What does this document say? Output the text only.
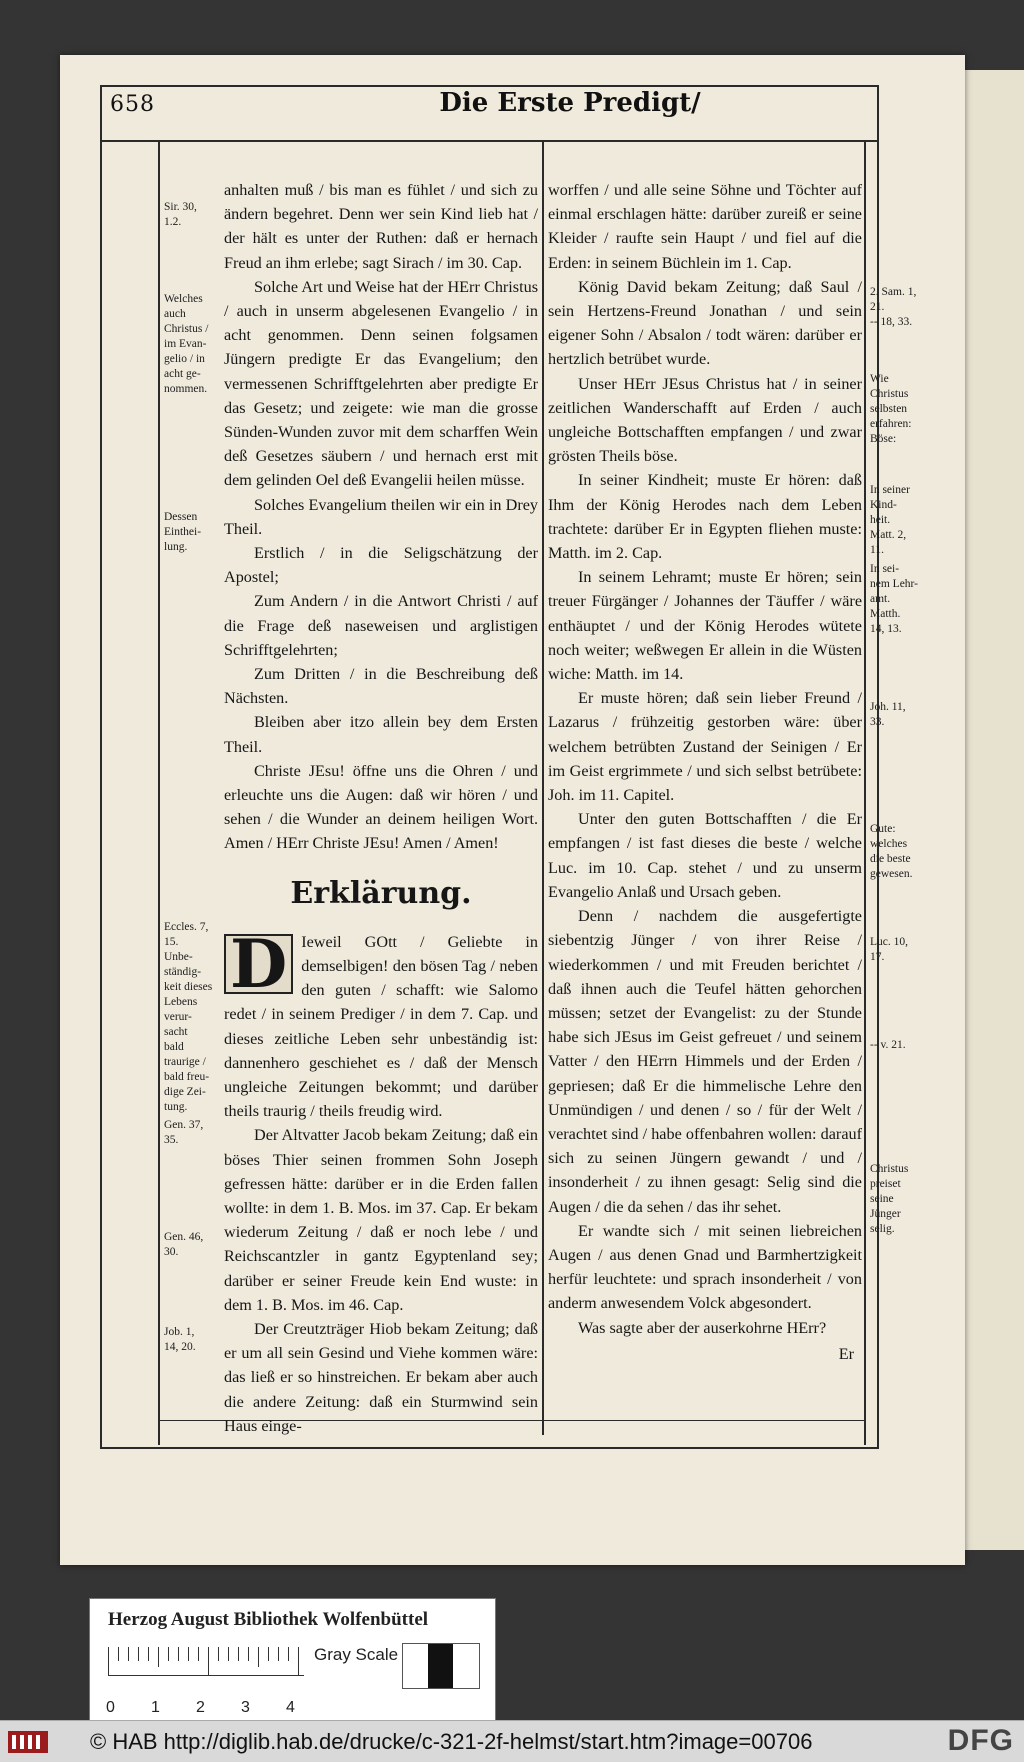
658	Die Erste Predigt/

anhalten muß / bis man es fühlet / und sich zu ändern begehret. Denn wer sein Kind lieb hat / der hält es unter der Ruthen: daß er hernach Freud an ihm erlebe; sagt Sirach / im 30. Cap.

Solche Art und Weise hat der HErr Christus / auch in unserm abgelesenen Evangelio / in acht genommen. Denn seinen folgsamen Jüngern predigte Er das Evangelium; den vermessenen Schrifftgelehrten aber predigte Er das Gesetz; und zeigete: wie man die grosse Sünden-Wunden zuvor mit dem scharffen Wein deß Gesetzes säubern / und hernach erst mit dem gelinden Oel deß Evangelii heilen müsse.

Solches Evangelium theilen wir ein in Drey Theil.

Erstlich / in die Seligschätzung der Apostel;

Zum Andern / in die Antwort Christi / auf die Frage deß naseweisen und arglistigen Schrifftgelehrten;

Zum Dritten / in die Beschreibung deß Nächsten.

Bleiben aber itzo allein bey dem Ersten Theil.

Christe JEsu! öffne uns die Ohren / und erleuchte uns die Augen: daß wir hören / und sehen / die Wunder an deinem heiligen Wort. Amen / HErr Christe JEsu! Amen / Amen!

Erklärung.

D Ieweil GOtt / Geliebte in demselbigen! den bösen Tag / neben den guten / schafft: wie Salomo redet / in seinem Prediger / in dem 7. Cap. und dieses zeitliche Leben sehr unbeständig ist: dannenhero geschiehet es / daß der Mensch ungleiche Zeitungen bekommt; und darüber theils traurig / theils freudig wird.

Der Altvatter Jacob bekam Zeitung; daß ein böses Thier seinen frommen Sohn Joseph gefressen hätte: darüber er in die Erden fallen wollte: in dem 1. B. Mos. im 37. Cap. Er bekam wiederum Zeitung / daß er noch lebe / und Reichscantzler in gantz Egyptenland sey; darüber er seiner Freude kein End wuste: in dem 1. B. Mos. im 46. Cap.

Der Creutzträger Hiob bekam Zeitung; daß er um all sein Gesind und Viehe kommen wäre: das ließ er so hinstreichen. Er bekam aber auch die andere Zeitung: daß ein Sturmwind sein Haus einge-

worffen / und alle seine Söhne und Töchter auf einmal erschlagen hätte: darüber zureiß er seine Kleider / raufte sein Haupt / und fiel auf die Erden: in seinem Büchlein im 1. Cap.

König David bekam Zeitung; daß Saul / sein Hertzens-Freund Jonathan / und sein eigener Sohn / Absalon / todt wären: darüber er hertzlich betrübet wurde.

Unser HErr JEsus Christus hat / in seiner zeitlichen Wanderschafft auf Erden / auch ungleiche Bottschafften empfangen / und zwar grösten Theils böse.

In seiner Kindheit; muste Er hören: daß Ihm der König Herodes nach dem Leben trachtete: darüber Er in Egypten fliehen muste: Matth. im 2. Cap.

In seinem Lehramt; muste Er hören; sein treuer Fürgänger / Johannes der Täuffer / wäre enthäuptet / und der König Herodes wütete noch weiter; weßwegen Er allein in die Wüsten wiche: Matth. im 14.

Er muste hören; daß sein lieber Freund / Lazarus / frühzeitig gestorben wäre: über welchem betrübten Zustand der Seinigen / Er im Geist ergrimmete / und sich selbst betrübete: Joh. im 11. Capitel.

Unter den guten Bottschafften / die Er empfangen / ist fast dieses die beste / welche Luc. im 10. Cap. stehet / und zu unserm Evangelio Anlaß und Ursach geben.

Denn / nachdem die ausgefertigte siebentzig Jünger / von ihrer Reise / wiederkommen / und mit Freuden berichtet / daß ihnen auch die Teufel hätten gehorchen müssen; setzet der Evangelist: zu der Stunde habe sich JEsus im Geist gefreuet / und seinem Vatter / den HErrn Himmels und der Erden / gepriesen; daß Er die himmelische Lehre den Unmündigen / und denen / so / für der Welt / verachtet sind / habe offenbahren wollen: darauf sich zu seinen Jüngern gewandt / und / insonderheit / zu ihnen gesagt: Selig sind die Augen / die da sehen / das ihr sehet.

Er wandte sich / mit seinen liebreichen Augen / aus denen Gnad und Barmhertzigkeit herfür leuchtete: und sprach insonderheit / von anderm anwesendem Volck abgesondert.

Was sagte aber der auserkohrne HErr?

Er
Sir. 30,
1.2.
Welches
auch
Christus /
im Evan-
gelio / in
acht ge-
nommen.
Dessen
Einthei-
lung.
Eccles. 7,
15.
Unbe-
ständig-
keit dieses
Lebens
verur-
sacht
bald
traurige /
bald freu-
dige Zei-
tung.
Gen. 37,
35.
Gen. 46,
30.
Job. 1,
14, 20.
2. Sam. 1,
21.
-- 18, 33.
Wie
Christus
selbsten
erfahren:
Böse:
In seiner
Kind-
heit.
Matt. 2,
11.
In sei-
nem Lehr-
amt.
Matth.
14, 13.
Joh. 11,
33.
Gute:
welches
die beste
gewesen.
Luc. 10,
17.
-- v. 21.
Christus
preiset
seine
Jünger
selig.
Herzog August Bibliothek Wolfenbüttel
0 1 2 3 4
Gray Scale
© HAB http://diglib.hab.de/drucke/c-321-2f-helmst/start.htm?image=00706	DFG
